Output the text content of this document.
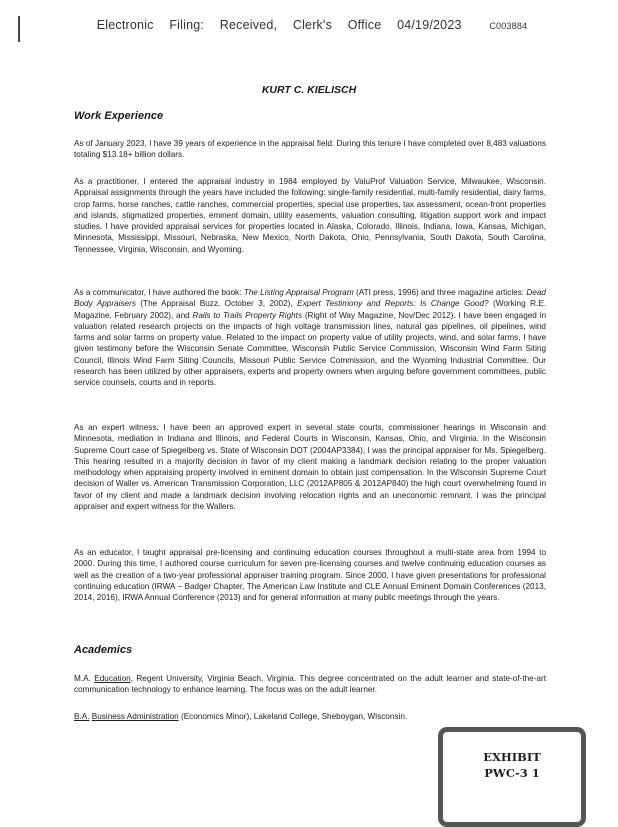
Electronic Filing: Received, Clerk's Office 04/19/2023	C003884
KURT C. KIELISCH
Work Experience

As of January 2023, I have 39 years of experience in the appraisal field. During this tenure I have completed over 8,483 valuations totaling $13.18+ billion dollars.

As a practitioner, I entered the appraisal industry in 1984 employed by ValuProf Valuation Service, Milwaukee, Wisconsin. Appraisal assignments through the years have included the following: single-family residential, multi-family residential, dairy farms, crop farms, horse ranches, cattle ranches, commercial properties, special use properties, tax assessment, ocean-front properties and islands, stigmatized properties, eminent domain, utility easements, valuation consulting, litigation support work and impact studies. I have provided appraisal services for properties located in Alaska, Colorado, Illinois, Indiana, Iowa, Kansas, Michigan, Minnesota, Mississippi, Missouri, Nebraska, New Mexico, North Dakota, Ohio, Pennsylvania, South Dakota, South Carolina, Tennessee, Virginia, Wisconsin, and Wyoming.

As a communicator, I have authored the book: The Listing Appraisal Program (ATI press, 1996) and three magazine articles: Dead Body Appraisers (The Appraisal Buzz, October 3, 2002), Expert Testimony and Reports: Is Change Good? (Working R.E. Magazine, February 2002), and Rails to Trails Property Rights (Right of Way Magazine, Nov/Dec 2012). I have been engaged in valuation related research projects on the impacts of high voltage transmission lines, natural gas pipelines, oil pipelines, wind farms and solar farms on property value. Related to the impact on property value of utility projects, wind, and solar farms, I have given testimony before the Wisconsin Senate Committee, Wisconsin Public Service Commission, Wisconsin Wind Farm Siting Council, Illinois Wind Farm Siting Councils, Missouri Public Service Commission, and the Wyoming Industrial Committee. Our research has been utilized by other appraisers, experts and property owners when arguing before government committees, public service counsels, courts and in reports.

As an expert witness, I have been an approved expert in several state courts, commissioner hearings in Wisconsin and Minnesota, mediation in Indiana and Illinois, and Federal Courts in Wisconsin, Kansas, Ohio, and Virginia. In the Wisconsin Supreme Court case of Spiegelberg vs. State of Wisconsin DOT (2004AP3384), I was the principal appraiser for Ms. Spiegelberg. This hearing resulted in a majority decision in favor of my client making a landmark decision relating to the proper valuation methodology when appraising property involved in eminent domain to obtain just compensation. In the Wisconsin Supreme Court decision of Waller vs. American Transmission Corporation, LLC (2012AP805 & 2012AP840) the high court overwhelming found in favor of my client and made a landmark decision involving relocation rights and an uneconomic remnant. I was the principal appraiser and expert witness for the Wallers.

As an educator, I taught appraisal pre-licensing and continuing education courses throughout a multi-state area from 1994 to 2000. During this time, I authored course curriculum for seven pre-licensing courses and twelve continuing education courses as well as the creation of a two-year professional appraiser training program. Since 2000, I have given presentations for professional continuing education (IRWA – Badger Chapter, The American Law Institute and CLE Annual Eminent Domain Conferences (2013, 2014, 2016), IRWA Annual Conference (2013) and for general information at many public meetings through the years.

Academics

M.A. Education, Regent University, Virginia Beach, Virginia. This degree concentrated on the adult learner and state-of-the-art communication technology to enhance learning. The focus was on the adult learner.

B.A. Business Administration (Economics Minor), Lakeland College, Sheboygan, Wisconsin.

EXHIBIT
PWC-3 1
